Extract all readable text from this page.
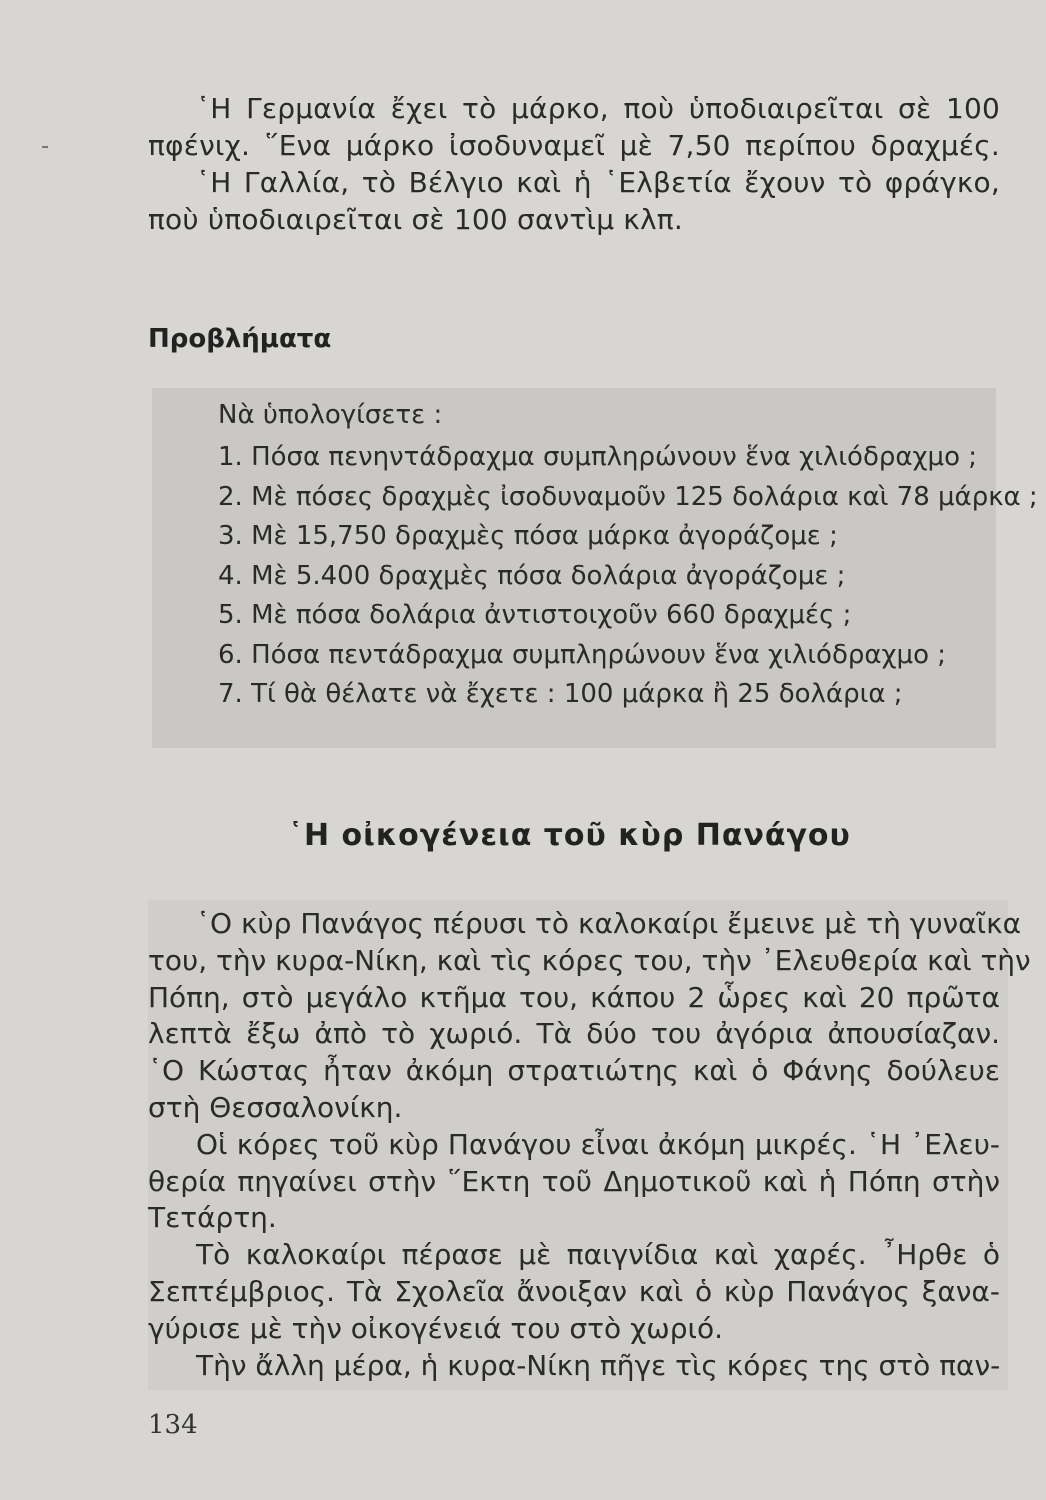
῾Η Γερμανία ἔχει τὸ μάρκο, ποὺ ὑποδιαιρεῖται σὲ 100
πφένιχ. ῞Ενα μάρκο ἰσοδυναμεῖ μὲ 7,50 περίπου δραχμές.
῾Η Γαλλία, τὸ Βέλγιο καὶ ἡ ῾Ελβετία ἔχουν τὸ φράγκο,
ποὺ ὑποδιαιρεῖται σὲ 100 σαντὶμ κλπ.
Προβλήματα
Νὰ ὑπολογίσετε :
1. Πόσα πενηντάδραχμα συμπληρώνουν ἕνα χιλιόδραχμο ;
2. Μὲ πόσες δραχμὲς ἰσοδυναμοῦν 125 δολάρια καὶ 78 μάρκα ;
3. Μὲ 15,750 δραχμὲς πόσα μάρκα ἀγοράζομε ;
4. Μὲ 5.400 δραχμὲς πόσα δολάρια ἀγοράζομε ;
5. Μὲ πόσα δολάρια ἀντιστοιχοῦν 660 δραχμές ;
6. Πόσα πεντάδραχμα συμπληρώνουν ἕνα χιλιόδραχμο ;
7. Τί θὰ θέλατε νὰ ἔχετε : 100 μάρκα ἢ 25 δολάρια ;
῾Η οἰκογένεια τοῦ κὺρ Πανάγου
῾Ο κὺρ Πανάγος πέρυσι τὸ καλοκαίρι ἔμεινε μὲ τὴ γυναῖκα
του, τὴν κυρα-Νίκη, καὶ τὶς κόρες του, τὴν ᾿Ελευθερία καὶ τὴν
Πόπη, στὸ μεγάλο κτῆμα του, κάπου 2 ὧρες καὶ 20 πρῶτα
λεπτὰ ἔξω ἀπὸ τὸ χωριό. Τὰ δύο του ἀγόρια ἀπουσίαζαν.
῾Ο Κώστας ἦταν ἀκόμη στρατιώτης καὶ ὁ Φάνης δούλευε
στὴ Θεσσαλονίκη.
Οἱ κόρες τοῦ κὺρ Πανάγου εἶναι ἀκόμη μικρές. ῾Η ᾿Ελευ-
θερία πηγαίνει στὴν ῞Εκτη τοῦ Δημοτικοῦ καὶ ἡ Πόπη στὴν
Τετάρτη.
Τὸ καλοκαίρι πέρασε μὲ παιγνίδια καὶ χαρές. ῏Ηρθε ὁ
Σεπτέμβριος. Τὰ Σχολεῖα ἄνοιξαν καὶ ὁ κὺρ Πανάγος ξανα-
γύρισε μὲ τὴν οἰκογένειά του στὸ χωριό.
Τὴν ἄλλη μέρα, ἡ κυρα-Νίκη πῆγε τὶς κόρες της στὸ παν-
134
